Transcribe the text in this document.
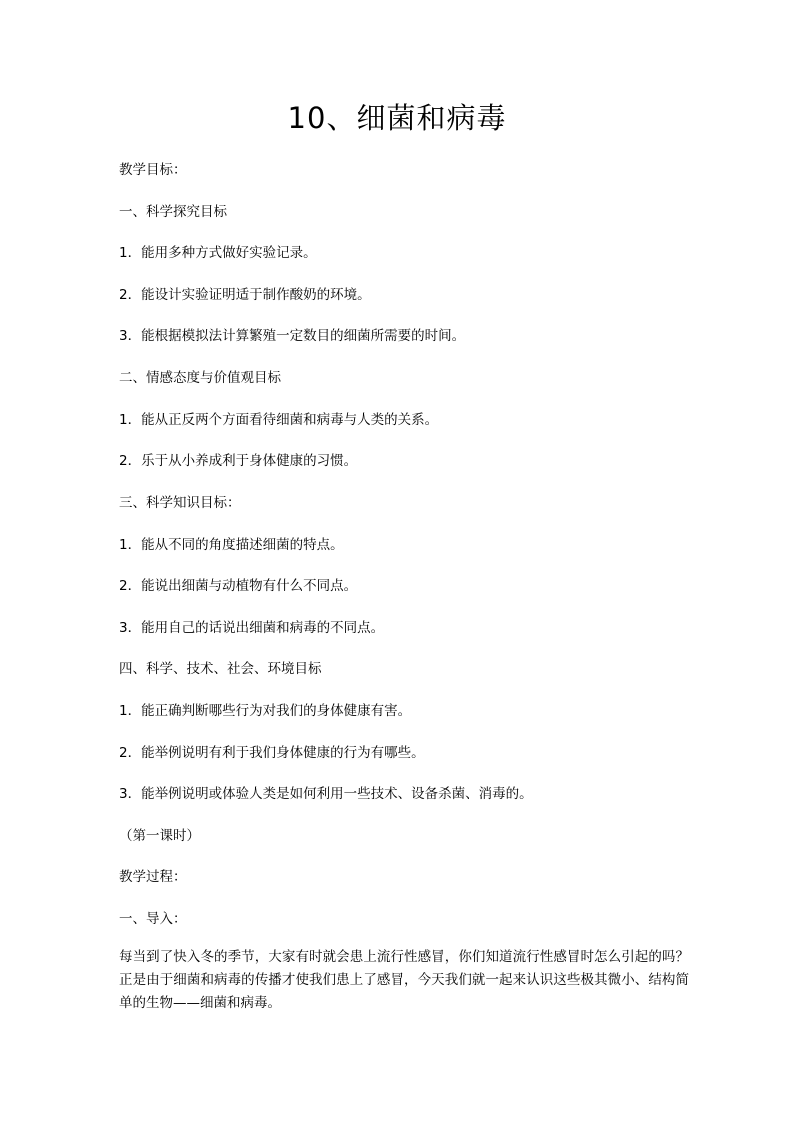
10、细菌和病毒
教学目标：
一、科学探究目标
1．能用多种方式做好实验记录。
2．能设计实验证明适于制作酸奶的环境。
3．能根据模拟法计算繁殖一定数目的细菌所需要的时间。
二、情感态度与价值观目标
1．能从正反两个方面看待细菌和病毒与人类的关系。
2．乐于从小养成利于身体健康的习惯。
三、科学知识目标：
1．能从不同的角度描述细菌的特点。
2．能说出细菌与动植物有什么不同点。
3．能用自己的话说出细菌和病毒的不同点。
四、科学、技术、社会、环境目标
1．能正确判断哪些行为对我们的身体健康有害。
2．能举例说明有利于我们身体健康的行为有哪些。
3．能举例说明或体验人类是如何利用一些技术、设备杀菌、消毒的。
（第一课时）
教学过程：
一、导入：
每当到了快入冬的季节，大家有时就会患上流行性感冒，你们知道流行性感冒时怎么引起的吗？正是由于细菌和病毒的传播才使我们患上了感冒，今天我们就一起来认识这些极其微小、结构简单的生物——细菌和病毒。
